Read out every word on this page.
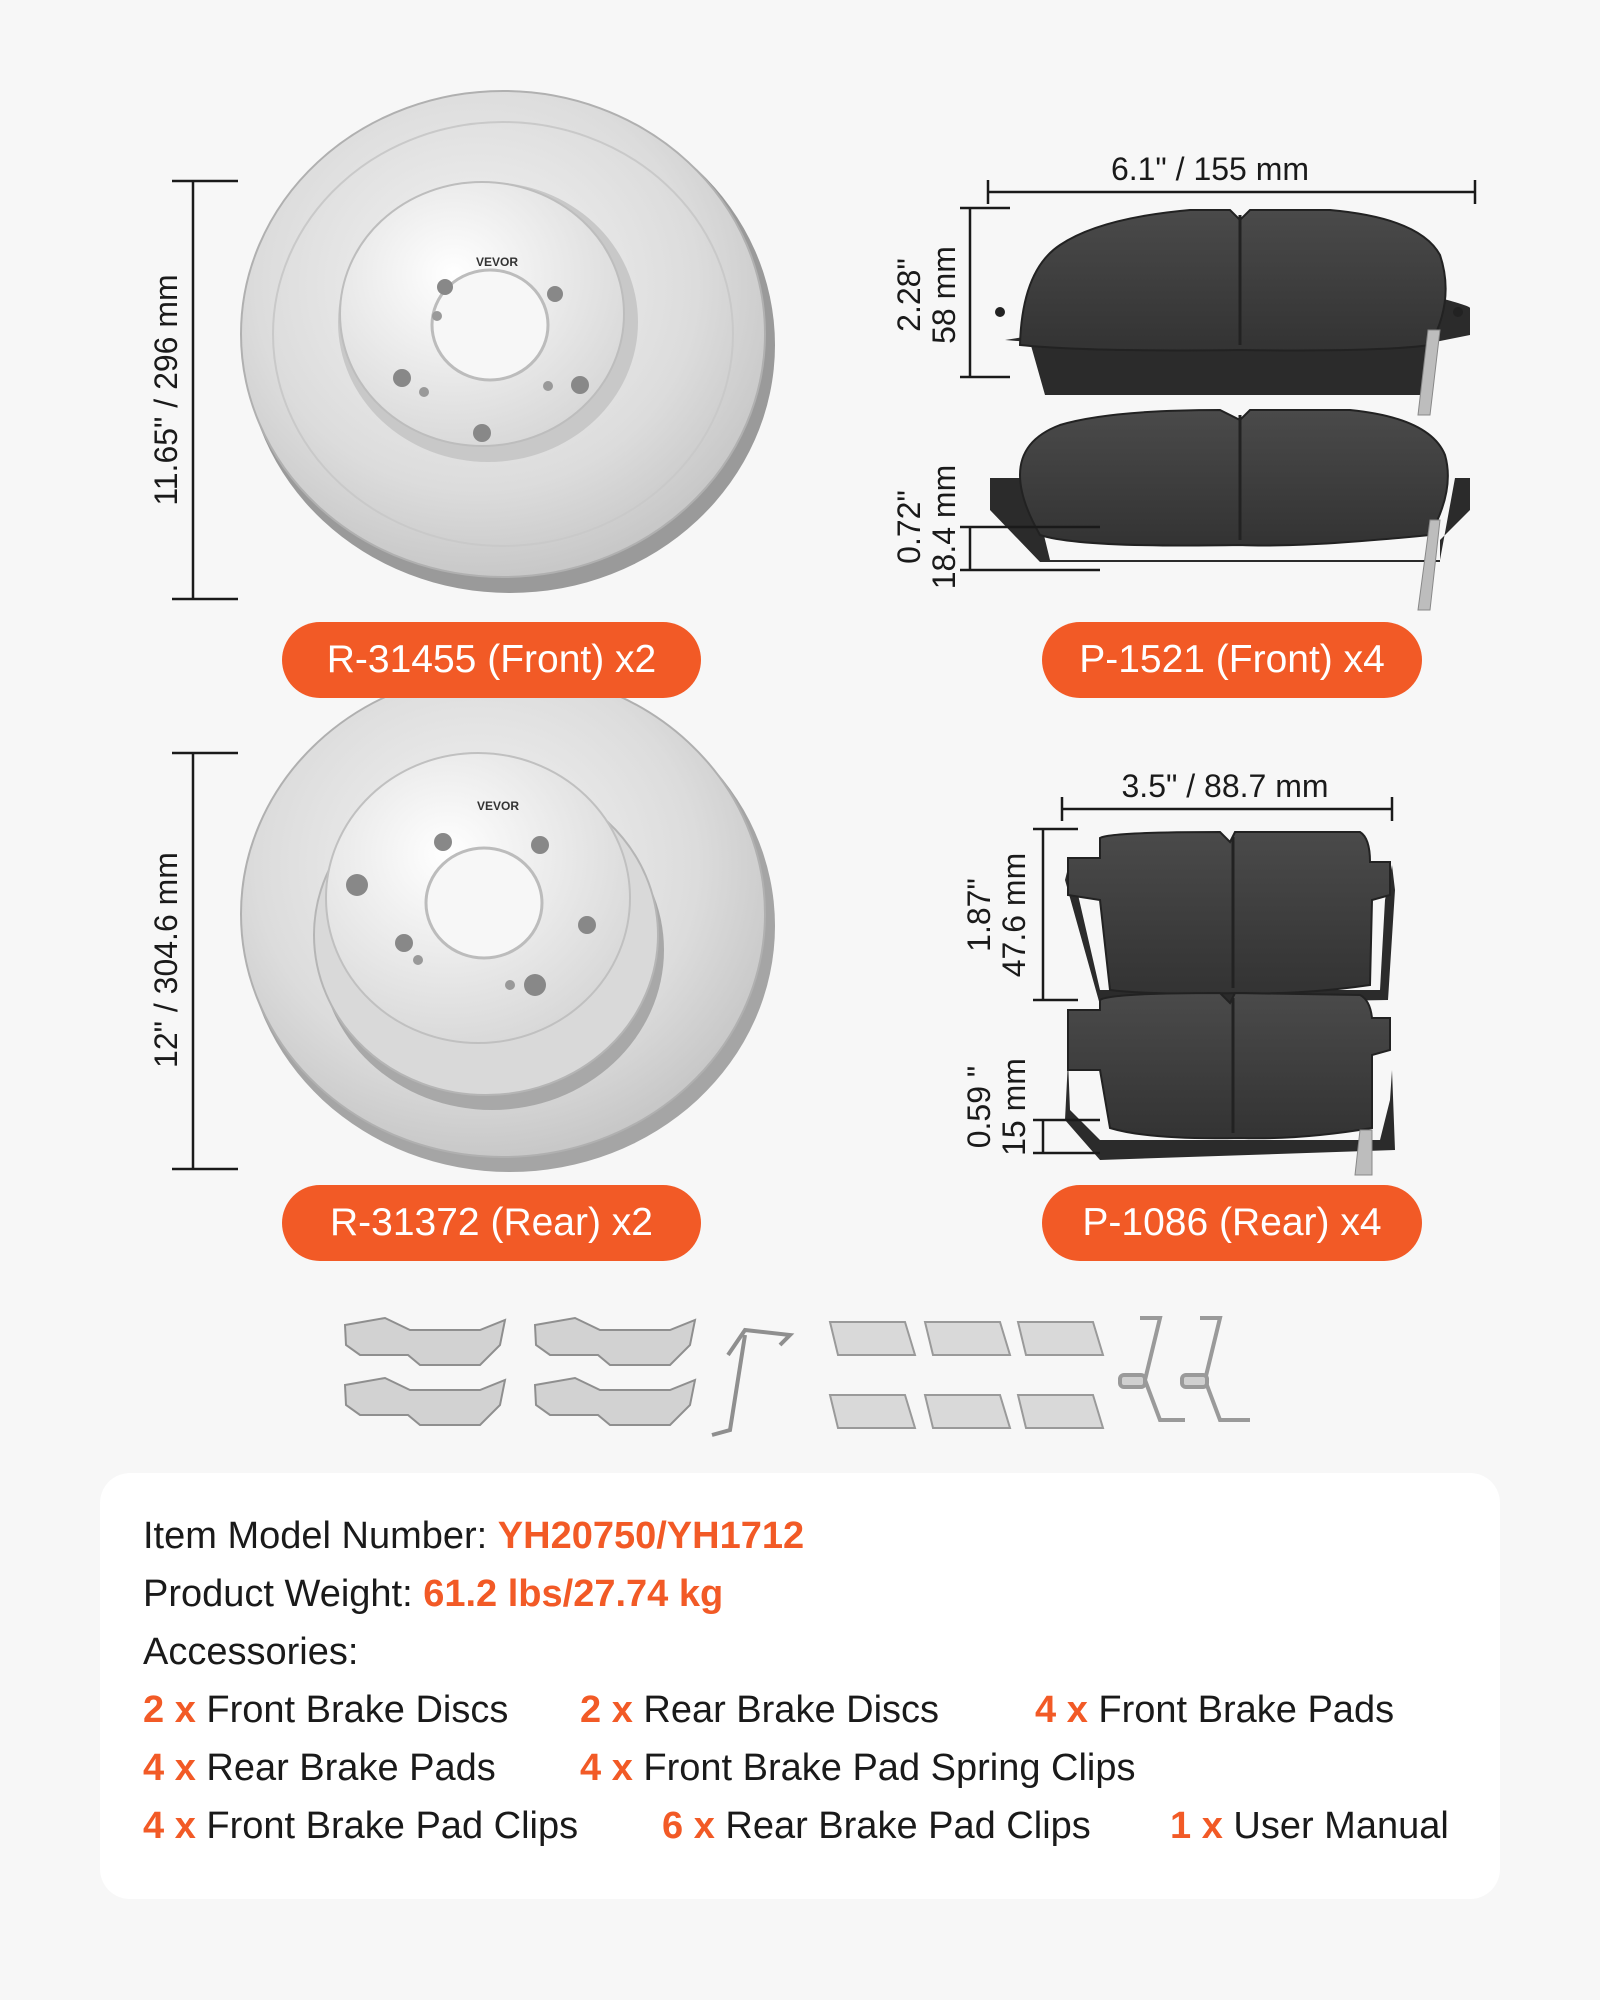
VEVOR
11.65" / 296 mm
VEVOR
12" / 304.6 mm
6.1" / 155 mm
2.28" 58 mm
0.72" 18.4 mm
3.5" / 88.7 mm
1.87" 47.6 mm
0.59 " 15 mm
R-31455 (Front) x2	P-1521 (Front) x4
R-31372 (Rear) x2	P-1086 (Rear) x4
Item Model Number: YH20750/YH1712
Product Weight: 61.2 lbs/27.74 kg
Accessories:
2 x Front Brake Discs 2 x Rear Brake Discs	4 x Front Brake Pads
4 x Rear Brake Pads 4 x Front Brake Pad Spring Clips
4 x Front Brake Pad Clips 6 x Rear Brake Pad Clips 1 x User Manual
